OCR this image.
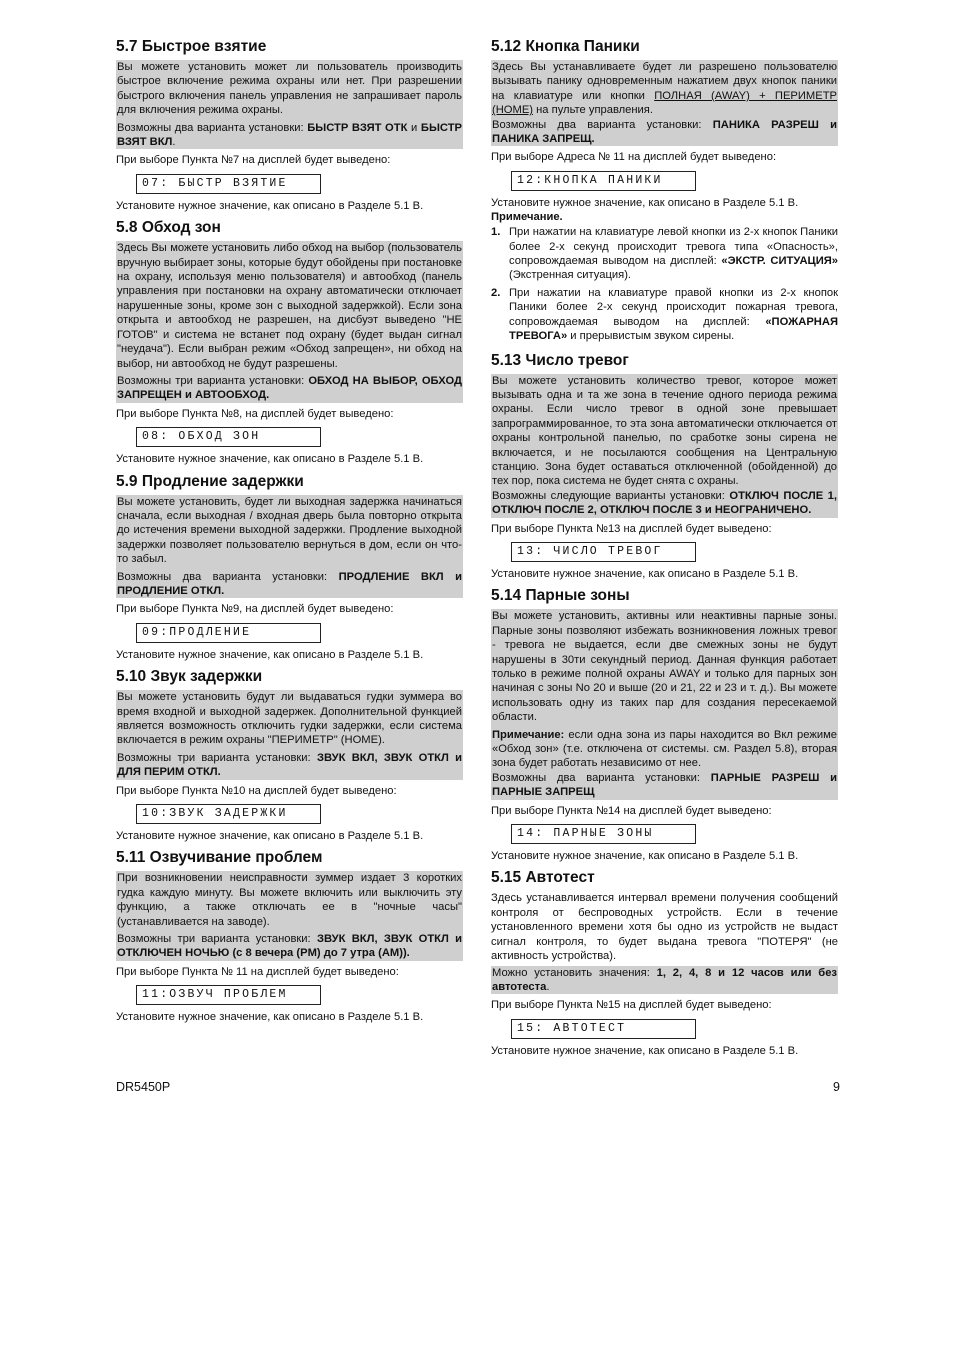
5.7 Быстрое взятие

Вы можете установить может ли пользователь производить быстрое включение режима охраны или нет. При разрешении быстрого включения панель управления не запрашивает пароль для включения режима охраны.

Возможны два варианта установки: БЫСТР ВЗЯТ ОТК и БЫСТР ВЗЯТ ВКЛ.

При выборе Пункта №7 на дисплей будет выведено:

07: БЫСТР ВЗЯТИЕ

Установите нужное значение, как описано в Разделе 5.1 В.

5.8 Обход зон

Здесь Вы можете установить либо обход на выбор (пользователь вручную выбирает зоны, которые будут обойдены при постановке на охрану, используя меню пользователя) и автообход (панель управления при постановки на охрану автоматически отключает нарушенные зоны, кроме зон с выходной задержкой). Если зона открыта и автообход не разрешен, на дисбуэт выведено "НЕ ГОТОВ" и система не встанет под охрану (будет выдан сигнал "неудача"). Если выбран режим «Обход запрещен», ни обход на выбор, ни автообход не будут разрешены.

Возможны три варианта установки: ОБХОД НА ВЫБОР, ОБХОД ЗАПРЕЩЕН и АВТООБХОД.

При выборе Пункта №8, на дисплей будет выведено:

08: ОБХОД ЗОН

Установите нужное значение, как описано в Разделе 5.1 В.

5.9 Продление задержки

Вы можете установить, будет ли выходная задержка начинаться сначала, если выходная / входная дверь была повторно открыта до истечения времени выходной задержки. Продление выходной задержки позволяет пользователю вернуться в дом, если он что-то забыл.

Возможны два варианта установки: ПРОДЛЕНИЕ ВКЛ и ПРОДЛЕНИЕ ОТКЛ.

При выборе Пункта №9, на дисплей будет выведено:

09:ПРОДЛЕНИЕ

Установите нужное значение, как описано в Разделе 5.1 В.

5.10 Звук задержки

Вы можете установить будут ли выдаваться гудки зуммера во время входной и выходной задержек. Дополнительной функцией является возможность отключить гудки задержки, если система включается в режим охраны "ПЕРИМЕТР" (HOME).

Возможны три варианта установки: ЗВУК ВКЛ, ЗВУК ОТКЛ и ДЛЯ ПЕРИМ ОТКЛ.

При выборе Пункта №10 на дисплей будет выведено:

10:ЗВУК ЗАДЕРЖКИ

Установите нужное значение, как описано в Разделе 5.1 В.

5.11 Озвучивание проблем

При возникновении неисправности зуммер издает 3 коротких гудка каждую минуту. Вы можете включить или выключить эту функцию, а также отключать ее в "ночные часы" (устанавливается на заводе).

Возможны три варианта установки: ЗВУК ВКЛ, ЗВУК ОТКЛ и ОТКЛЮЧЕН НОЧЬЮ (с 8 вечера (PM) до 7 утра (AM)).

При выборе Пункта № 11 на дисплей будет выведено:

11:ОЗВУЧ ПРОБЛЕМ

Установите нужное значение, как описано в Разделе 5.1 В.

5.12 Кнопка Паники

Здесь Вы устанавливаете будет ли разрешено пользователю вызывать панику одновременным нажатием двух кнопок паники на клавиатуре или кнопки ПОЛНАЯ (AWAY) + ПЕРИМЕТР (HOME) на пульте управления.

Возможны два варианта установки: ПАНИКА РАЗРЕШ и ПАНИКА ЗАПРЕЩ.

При выборе Адреса № 11 на дисплей будет выведено:

12:КНОПКА ПАНИКИ

Установите нужное значение, как описано в Разделе 5.1 В.

Примечание.
1. При нажатии на клавиатуре левой кнопки из 2-х кнопок Паники более 2-х секунд происходит тревога типа «Опасность», сопровождаемая выводом на дисплей: «ЭКСТР. СИТУАЦИЯ» (Экстренная ситуация).
2. При нажатии на клавиатуре правой кнопки из 2-х кнопок Паники более 2-х секунд происходит пожарная тревога, сопровождаемая выводом на дисплей: «ПОЖАРНАЯ ТРЕВОГА» и прерывистым звуком сирены.
5.13 Число тревог

Вы можете установить количество тревог, которое может вызывать одна и та же зона в течение одного периода режима охраны. Если число тревог в одной зоне превышает запрограммированное, то эта зона автоматически отключается от охраны контрольной панелью, по сработке зоны сирена не включается, и не посылаются сообщения на Центральную станцию. Зона будет оставаться отключенной (обойденной) до тех пор, пока система не будет снята с охраны.

Возможны следующие варианты установки: ОТКЛЮЧ ПОСЛЕ 1, ОТКЛЮЧ ПОСЛЕ 2, ОТКЛЮЧ ПОСЛЕ 3 и НЕОГРАНИЧЕНО.

При выборе Пункта №13 на дисплей будет выведено:

13: ЧИСЛО ТРЕВОГ

Установите нужное значение, как описано в Разделе 5.1 В.

5.14 Парные зоны

Вы можете установить, активны или неактивны парные зоны. Парные зоны позволяют избежать возникновения ложных тревог - тревога не выдается, если две смежных зоны не будут нарушены в 30ти секундный период. Данная функция работает только в режиме полной охраны AWAY и только для парных зон начиная с зоны No 20 и выше (20 и 21, 22 и 23 и т. д.). Вы можете использовать одну из таких пар для создания пересекаемой области.

Примечание: если одна зона из пары находится во Вкл режиме «Обход зон» (т.е. отключена от системы. см. Раздел 5.8), вторая зона будет работать независимо от нее.

Возможны два варианта установки: ПАРНЫЕ РАЗРЕШ и ПАРНЫЕ ЗАПРЕЩ

При выборе Пункта №14 на дисплей будет выведено:

14: ПАРНЫЕ ЗОНЫ

Установите нужное значение, как описано в Разделе 5.1 В.

5.15 Автотест

Здесь устанавливается интервал времени получения сообщений контроля от беспроводных устройств. Если в течение установленного времени хотя бы одно из устройств не выдаст сигнал контроля, то будет выдана тревога "ПОТЕРЯ" (не активность устройства).

Можно установить значения: 1, 2, 4, 8 и 12 часов или без автотеста.

При выборе Пункта №15 на дисплей будет выведено:

15: АВТОТЕСТ

Установите нужное значение, как описано в Разделе 5.1 В.

DR5450P	9
